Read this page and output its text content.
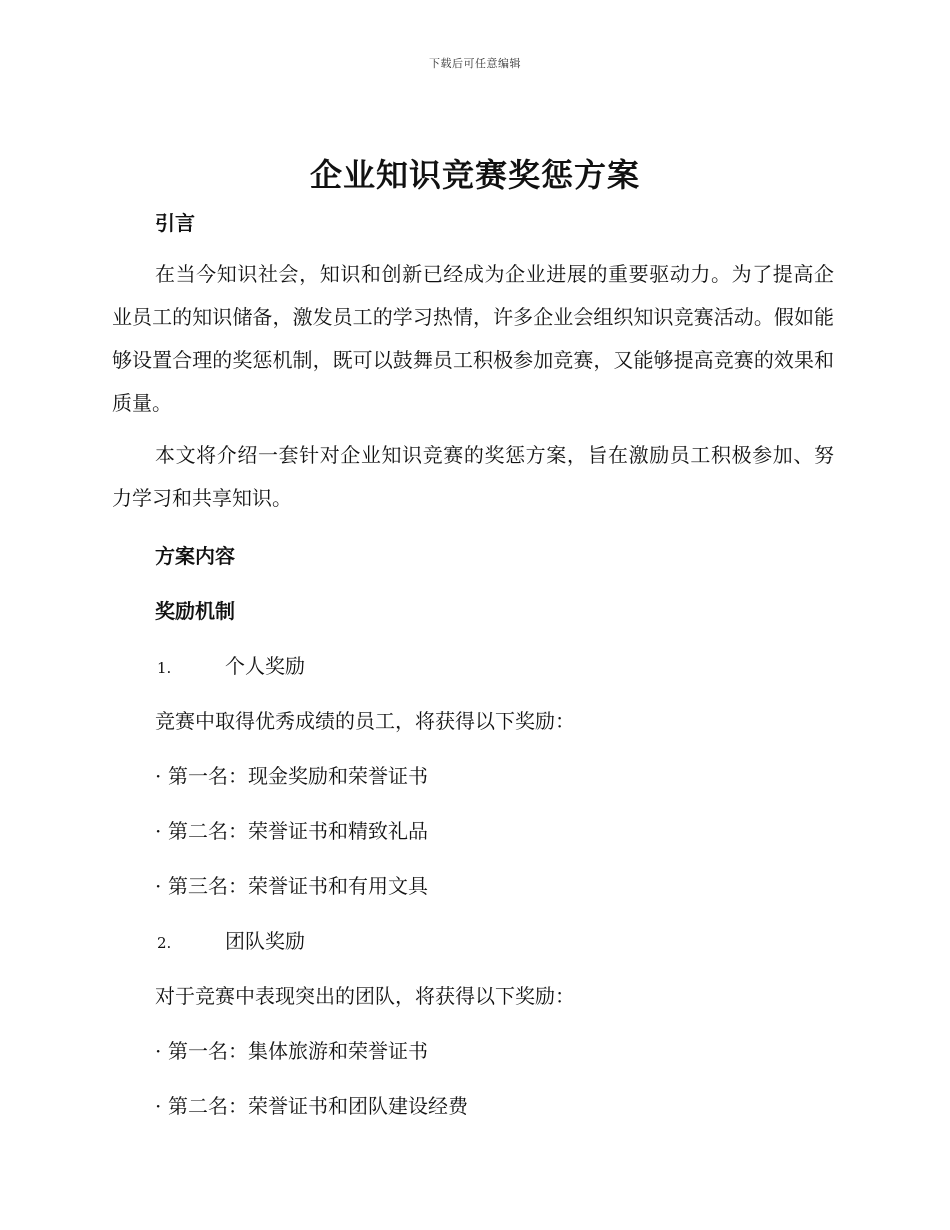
下载后可任意编辑
企业知识竞赛奖惩方案
引言
在当今知识社会，知识和创新已经成为企业进展的重要驱动力。为了提高企业员工的知识储备，激发员工的学习热情，许多企业会组织知识竞赛活动。假如能够设置合理的奖惩机制，既可以鼓舞员工积极参加竞赛，又能够提高竞赛的效果和质量。
本文将介绍一套针对企业知识竞赛的奖惩方案，旨在激励员工积极参加、努力学习和共享知识。
方案内容
奖励机制
1.	个人奖励
竞赛中取得优秀成绩的员工，将获得以下奖励：
· 第一名：现金奖励和荣誉证书
· 第二名：荣誉证书和精致礼品
· 第三名：荣誉证书和有用文具
2.	团队奖励
对于竞赛中表现突出的团队，将获得以下奖励：
· 第一名：集体旅游和荣誉证书
· 第二名：荣誉证书和团队建设经费
